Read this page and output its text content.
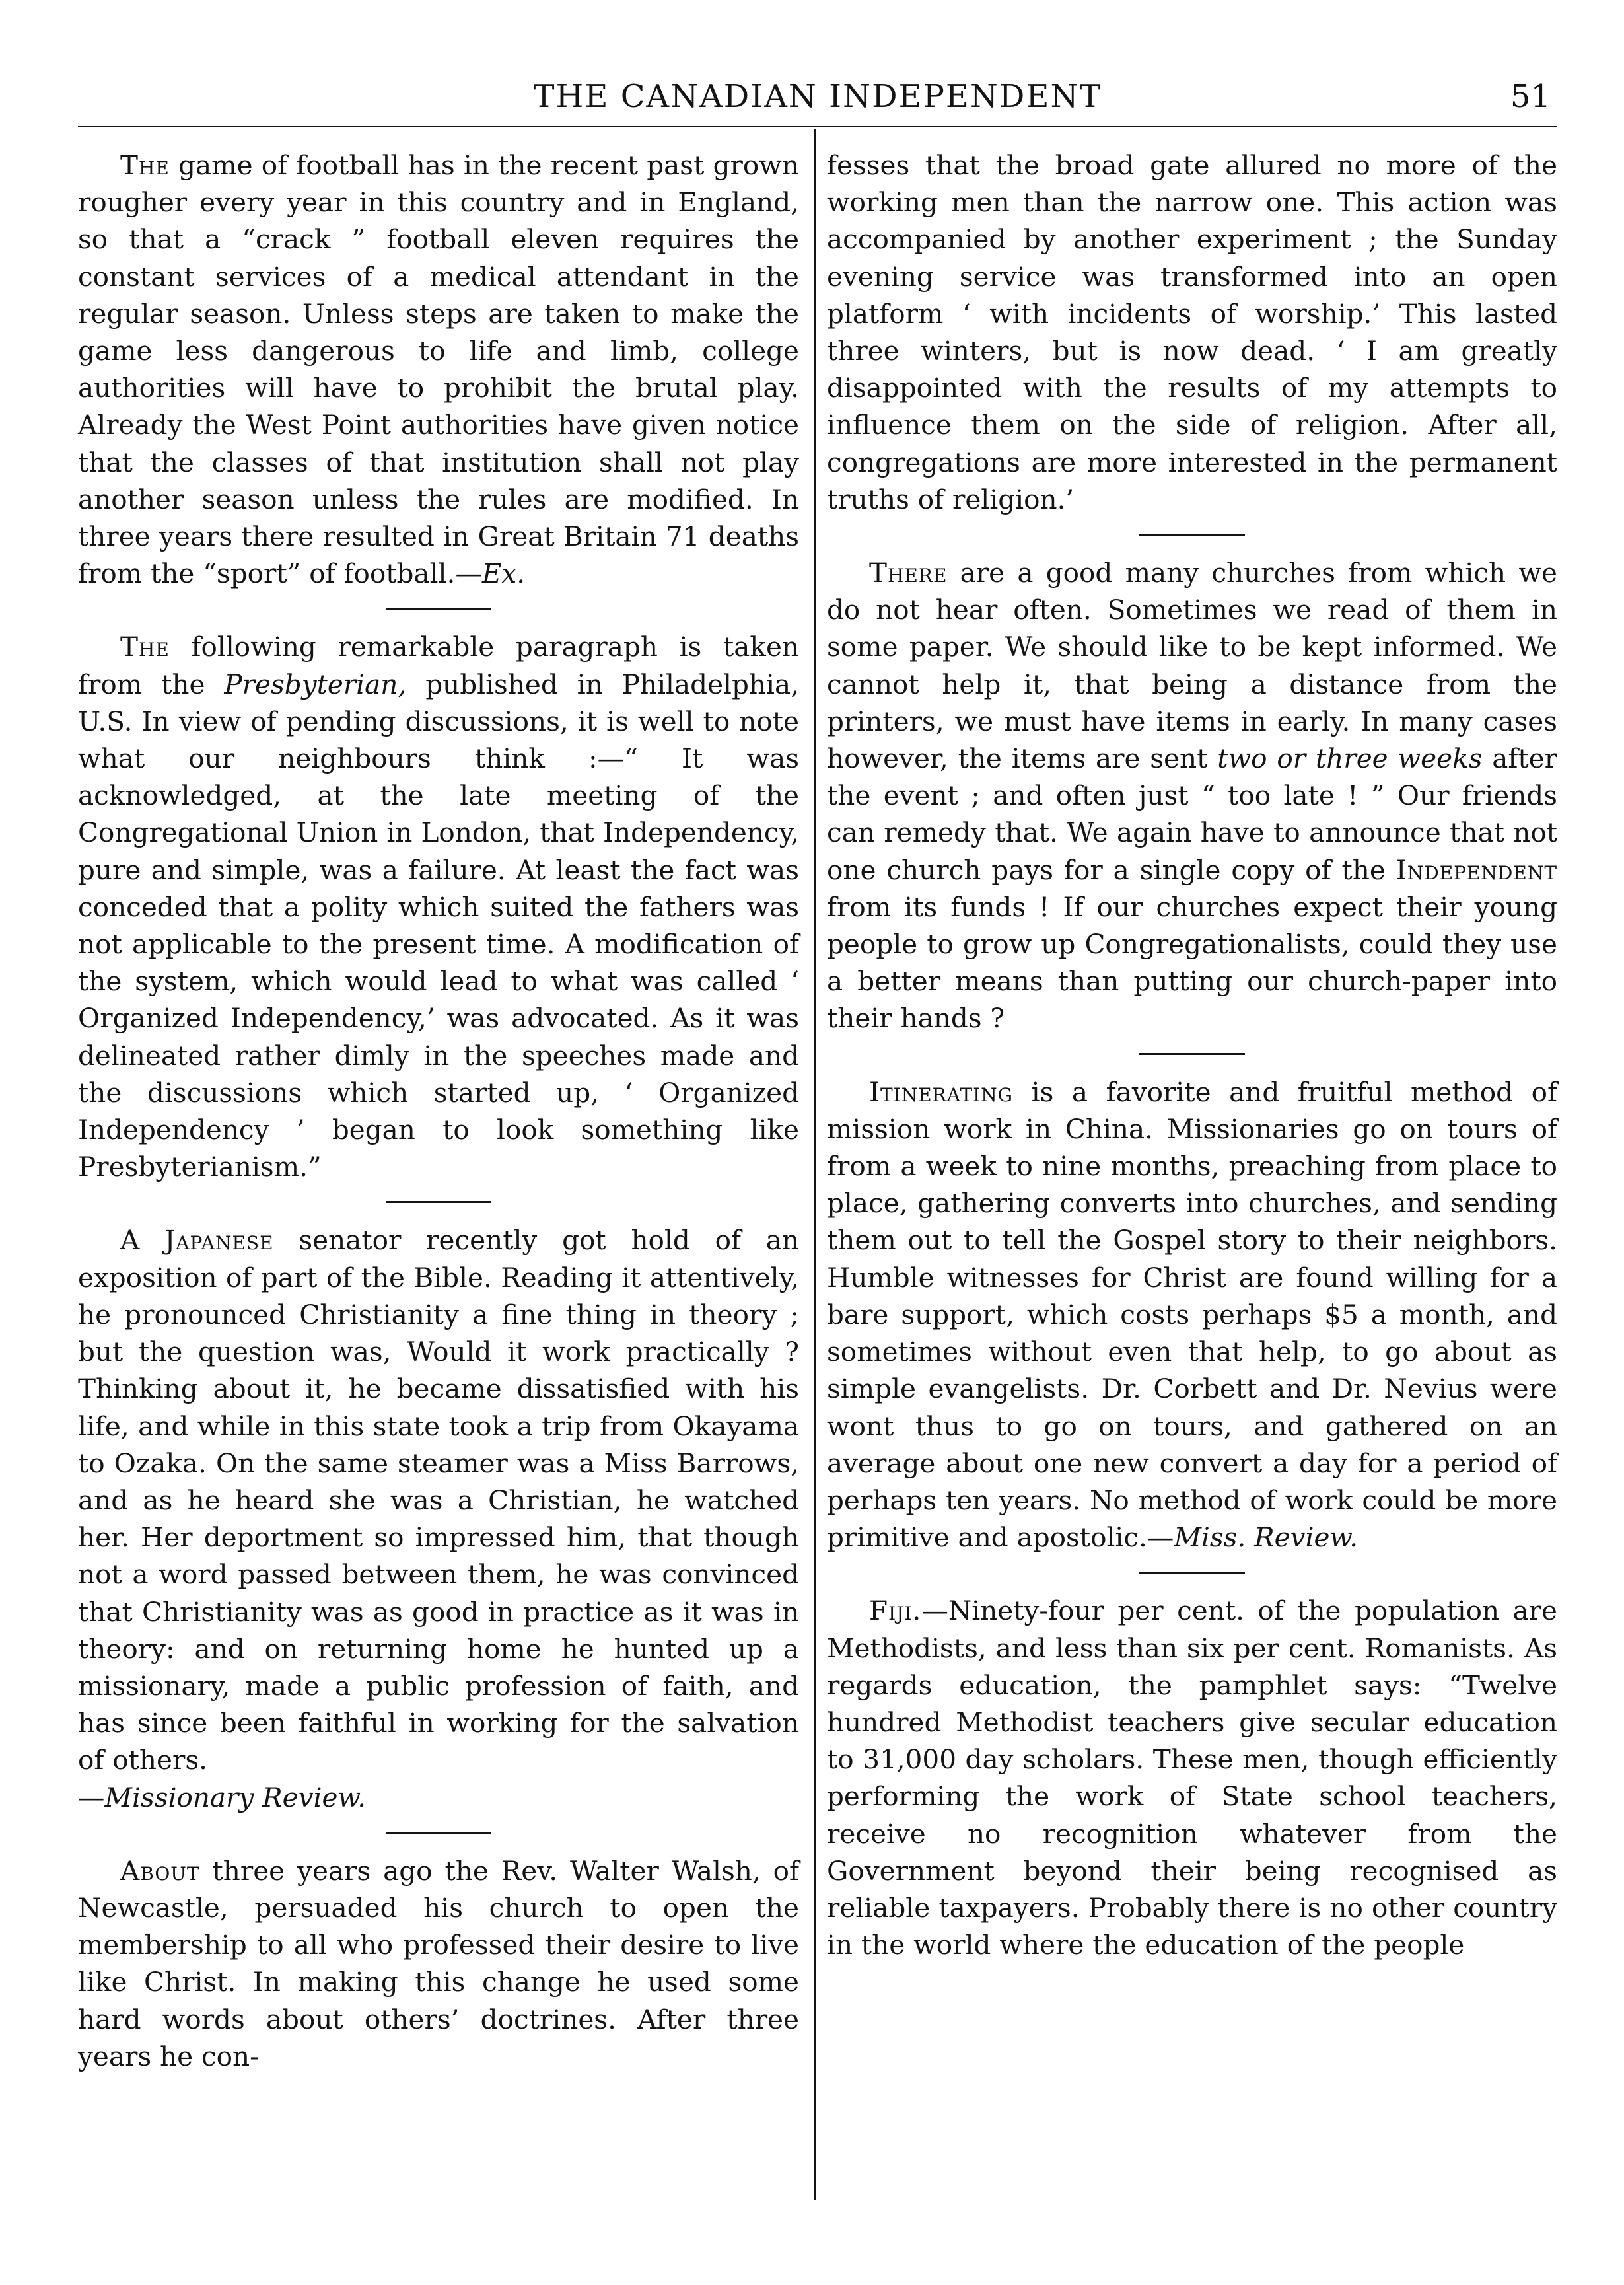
THE CANADIAN INDEPENDENT	51

The game of football has in the recent past grown rougher every year in this country and in England, so that a “crack ” football eleven requires the constant services of a medical attendant in the regular season. Unless steps are taken to make the game less dangerous to life and limb, college authorities will have to prohibit the brutal play. Already the West Point authorities have given notice that the classes of that institution shall not play another season unless the rules are modified. In three years there resulted in Great Britain 71 deaths from the “sport” of football.—Ex.

The following remarkable paragraph is taken from the Presbyterian, published in Philadelphia, U.S. In view of pending discussions, it is well to note what our neighbours think :—“ It was acknowledged, at the late meeting of the Congregational Union in London, that Independency, pure and simple, was a failure. At least the fact was conceded that a polity which suited the fathers was not applicable to the present time. A modification of the system, which would lead to what was called ‘ Organized Independency,’ was advocated. As it was delineated rather dimly in the speeches made and the discussions which started up, ‘ Organized Independency ’ began to look something like Presbyterianism.”

A Japanese senator recently got hold of an exposition of part of the Bible. Reading it attentively, he pronounced Christianity a fine thing in theory ; but the question was, Would it work practically ? Thinking about it, he became dissatisfied with his life, and while in this state took a trip from Okayama to Ozaka. On the same steamer was a Miss Barrows, and as he heard she was a Christian, he watched her. Her deportment so impressed him, that though not a word passed between them, he was convinced that Christianity was as good in practice as it was in theory: and on returning home he hunted up a missionary, made a public profession of faith, and has since been faithful in working for the salvation of others.
—Missionary Review.

About three years ago the Rev. Walter Walsh, of Newcastle, persuaded his church to open the membership to all who professed their desire to live like Christ. In making this change he used some hard words about others’ doctrines. After three years he con-

fesses that the broad gate allured no more of the working men than the narrow one. This action was accompanied by another experiment ; the Sunday evening service was transformed into an open platform ‘ with incidents of worship.’ This lasted three winters, but is now dead. ‘ I am greatly disappointed with the results of my attempts to influence them on the side of religion. After all, congregations are more interested in the permanent truths of religion.’

There are a good many churches from which we do not hear often. Sometimes we read of them in some paper. We should like to be kept informed. We cannot help it, that being a distance from the printers, we must have items in early. In many cases however, the items are sent two or three weeks after the event ; and often just “ too late ! ” Our friends can remedy that. We again have to announce that not one church pays for a single copy of the Independent from its funds ! If our churches expect their young people to grow up Congregationalists, could they use a better means than putting our church-paper into their hands ?

Itinerating is a favorite and fruitful method of mission work in China. Missionaries go on tours of from a week to nine months, preaching from place to place, gathering converts into churches, and sending them out to tell the Gospel story to their neighbors. Humble witnesses for Christ are found willing for a bare support, which costs perhaps $5 a month, and sometimes without even that help, to go about as simple evangelists. Dr. Corbett and Dr. Nevius were wont thus to go on tours, and gathered on an average about one new convert a day for a period of perhaps ten years. No method of work could be more primitive and apostolic.—Miss. Review.

Fiji.—Ninety-four per cent. of the population are Methodists, and less than six per cent. Romanists. As regards education, the pamphlet says: “Twelve hundred Methodist teachers give secular education to 31,000 day scholars. These men, though efficiently performing the work of State school teachers, receive no recognition whatever from the Government beyond their being recognised as reliable taxpayers. Probably there is no other country in the world where the education of the people
